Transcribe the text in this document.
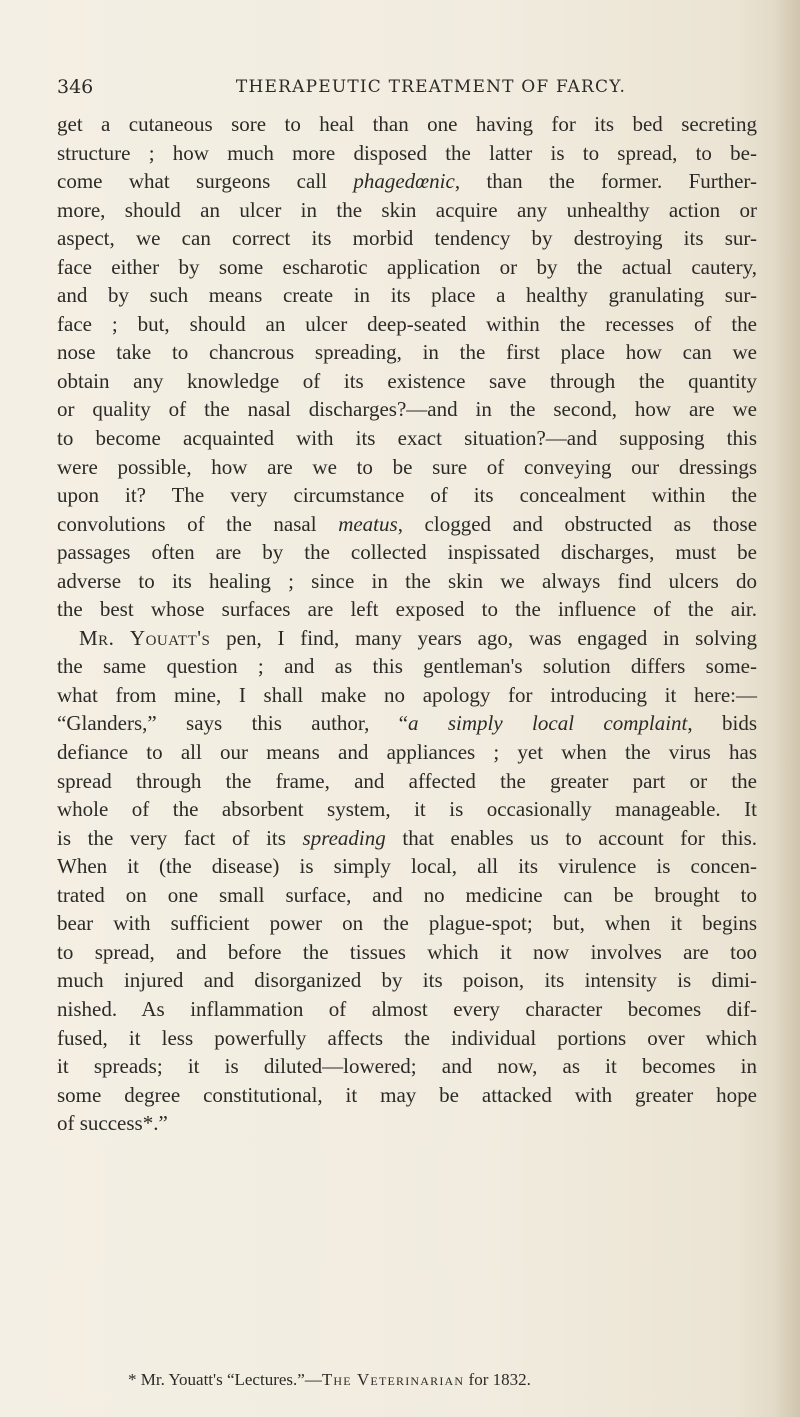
346	THERAPEUTIC TREATMENT OF FARCY.
get a cutaneous sore to heal than one having for its bed secreting
structure ; how much more disposed the latter is to spread, to be-
come what surgeons call phagedœnic, than the former. Further-
more, should an ulcer in the skin acquire any unhealthy action or
aspect, we can correct its morbid tendency by destroying its sur-
face either by some escharotic application or by the actual cautery,
and by such means create in its place a healthy granulating sur-
face ; but, should an ulcer deep-seated within the recesses of the
nose take to chancrous spreading, in the first place how can we
obtain any knowledge of its existence save through the quantity
or quality of the nasal discharges?—and in the second, how are we
to become acquainted with its exact situation?—and supposing this
were possible, how are we to be sure of conveying our dressings
upon it? The very circumstance of its concealment within the
convolutions of the nasal meatus, clogged and obstructed as those
passages often are by the collected inspissated discharges, must be
adverse to its healing ; since in the skin we always find ulcers do
the best whose surfaces are left exposed to the influence of the air.
Mr. Youatt's pen, I find, many years ago, was engaged in solving
the same question ; and as this gentleman's solution differs some-
what from mine, I shall make no apology for introducing it here:—
“Glanders,” says this author, “a simply local complaint, bids
defiance to all our means and appliances ; yet when the virus has
spread through the frame, and affected the greater part or the
whole of the absorbent system, it is occasionally manageable. It
is the very fact of its spreading that enables us to account for this.
When it (the disease) is simply local, all its virulence is concen-
trated on one small surface, and no medicine can be brought to
bear with sufficient power on the plague-spot; but, when it begins
to spread, and before the tissues which it now involves are too
much injured and disorganized by its poison, its intensity is dimi-
nished. As inflammation of almost every character becomes dif-
fused, it less powerfully affects the individual portions over which
it spreads; it is diluted—lowered; and now, as it becomes in
some degree constitutional, it may be attacked with greater hope
of success*.”
* Mr. Youatt's “Lectures.”—The Veterinarian for 1832.
